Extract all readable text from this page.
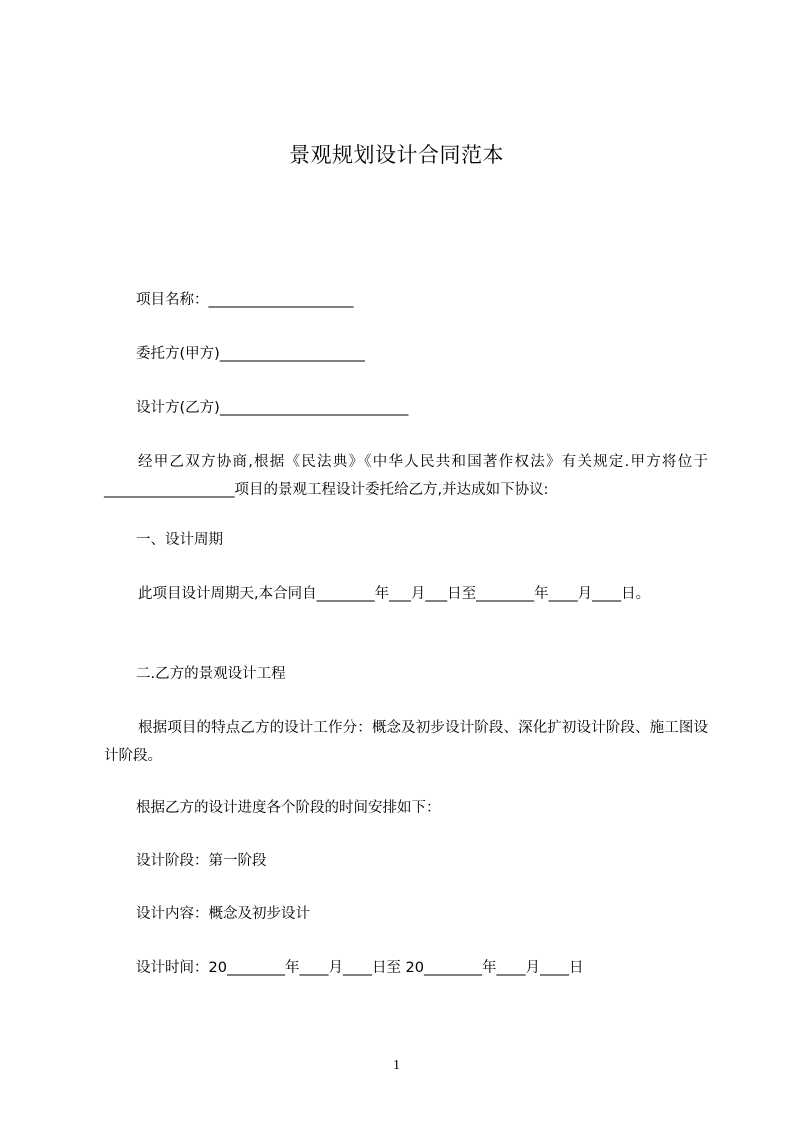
景观规划设计合同范本
项目名称：____________________
委托方(甲方)____________________
设计方(乙方)__________________________
经甲乙双方协商,根据《民法典》《中华人民共和国著作权法》有关规定.甲方将位于__________________项目的景观工程设计委托给乙方,并达成如下协议:
一、设计周期
此项目设计周期天,本合同自________年___月___日至________年____月____日。
二.乙方的景观设计工程
根据项目的特点乙方的设计工作分：概念及初步设计阶段、深化扩初设计阶段、施工图设计阶段。
根据乙方的设计进度各个阶段的时间安排如下：
设计阶段：第一阶段
设计内容：概念及初步设计
设计时间：20________年____月____日至 20________年____月____日
1
